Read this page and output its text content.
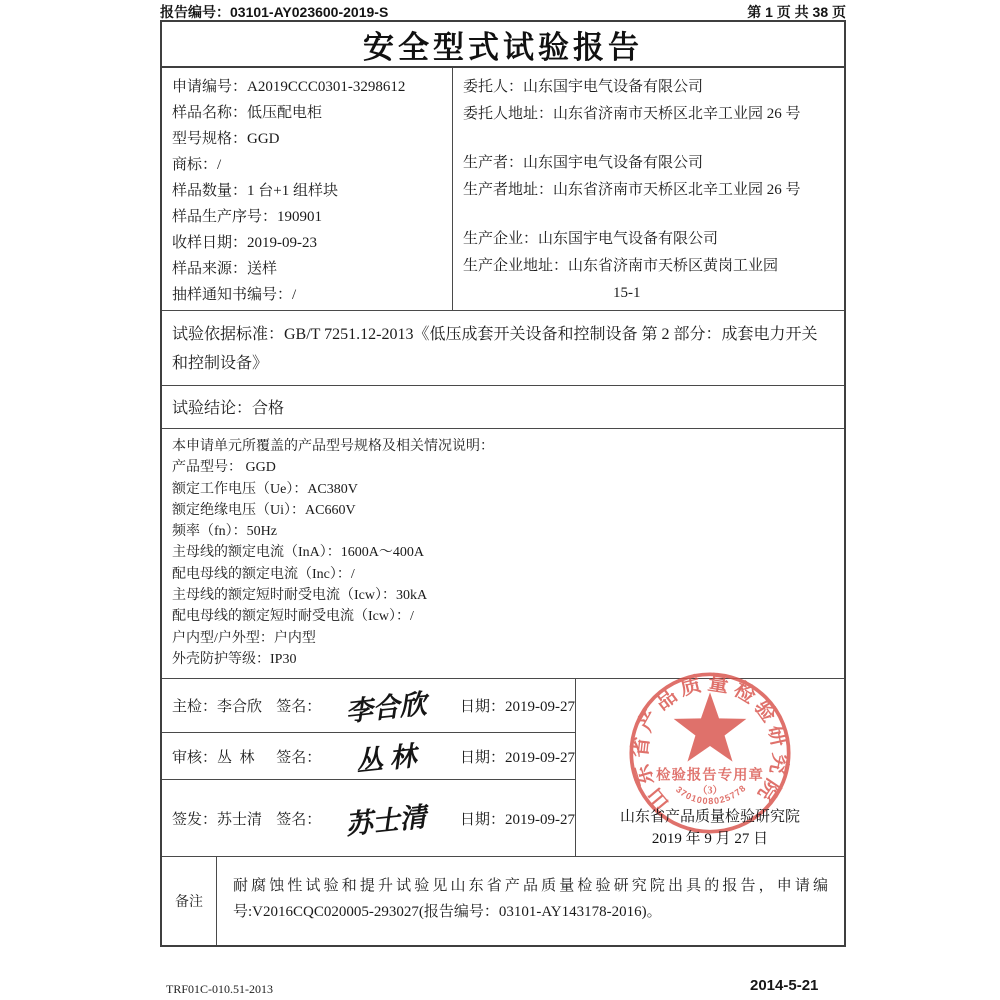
报告编号：03101-AY023600-2019-S	第 1 页 共 38 页
安全型式试验报告
申请编号：A2019CCC0301-3298612
样品名称：低压配电柜
型号规格：GGD
商标：/
样品数量：1 台+1 组样块
样品生产序号：190901
收样日期：2019-09-23
样品来源：送样
抽样通知书编号：/
委托人：山东国宇电气设备有限公司
委托人地址：山东省济南市天桥区北辛工业园 26 号
生产者：山东国宇电气设备有限公司
生产者地址：山东省济南市天桥区北辛工业园 26 号
生产企业：山东国宇电气设备有限公司
生产企业地址：山东省济南市天桥区黄岗工业园
15-1
试验依据标准：GB/T 7251.12-2013《低压成套开关设备和控制设备 第 2 部分：成套电力开关和控制设备》
试验结论：合格
本申请单元所覆盖的产品型号规格及相关情况说明：
产品型号： GGD
额定工作电压（Ue）：AC380V
额定绝缘电压（Ui）：AC660V
频率（fn）：50Hz
主母线的额定电流（InA）：1600A～400A
配电母线的额定电流（Inc）：/
主母线的额定短时耐受电流（Icw）：30kA
配电母线的额定短时耐受电流（Icw）：/
户内型/户外型：户内型
外壳防护等级：IP30
主检：李合欣 签名： 李合欣	日期：2019-09-27
审核：丛  林	签名：	丛 林	日期：2019-09-27
签发：苏士清 签名： 苏士清	日期：2019-09-27
山东省产品质量检验研究院
检验报告专用章
（3）
3701008025778
山东省产品质量检验研究院
2019 年 9 月 27 日
备注
耐腐蚀性试验和提升试验见山东省产品质量检验研究院出具的报告，申请编号:V2016CQC020005-293027(报告编号：03101-AY143178-2016)。
TRF01C-010.51-2013	2014-5-21
